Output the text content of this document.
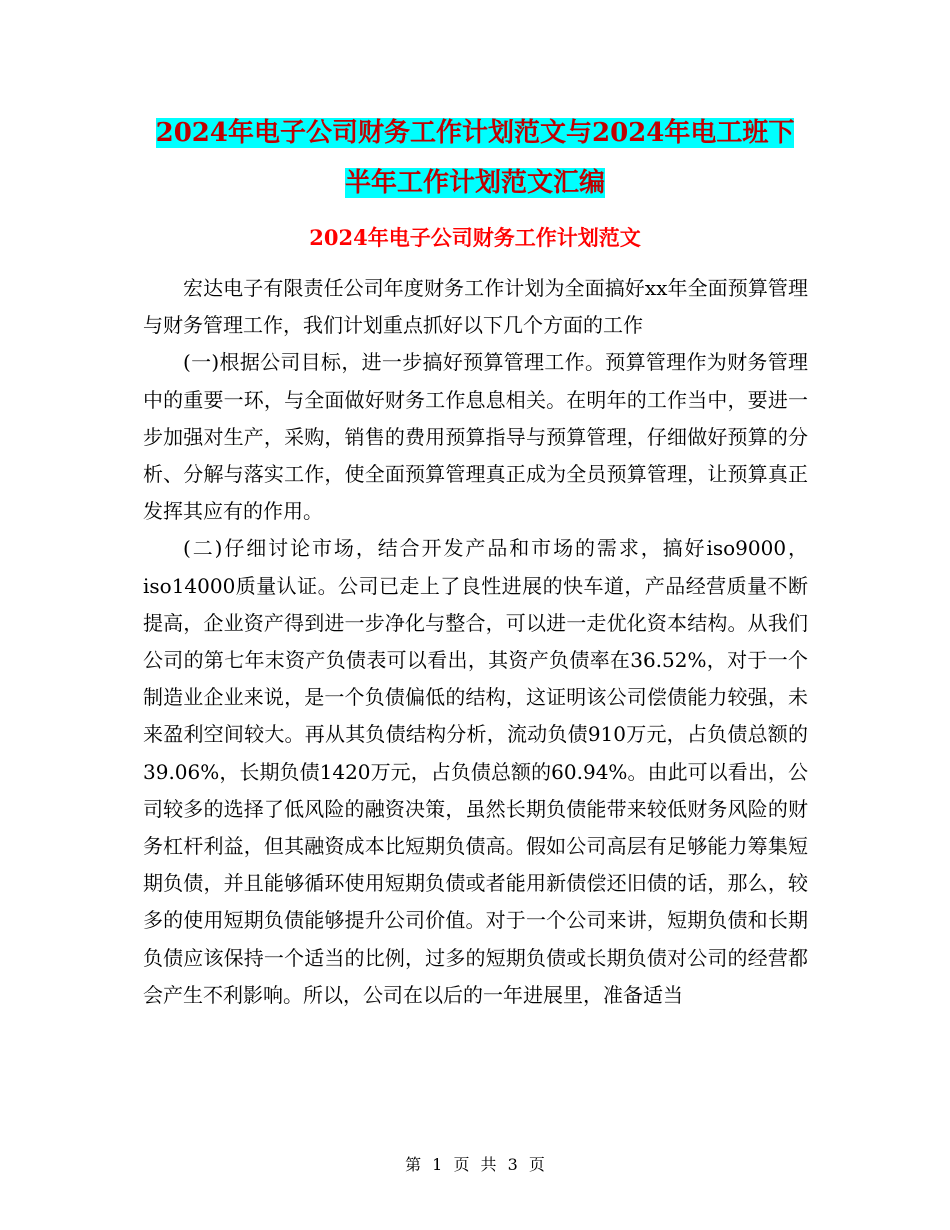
2024年电子公司财务工作计划范文与2024年电工班下
半年工作计划范文汇编
2024年电子公司财务工作计划范文

宏达电子有限责任公司年度财务工作计划为全面搞好xx年全面预算管理与财务管理工作，我们计划重点抓好以下几个方面的工作

(一)根据公司目标，进一步搞好预算管理工作。预算管理作为财务管理中的重要一环，与全面做好财务工作息息相关。在明年的工作当中，要进一步加强对生产，采购，销售的费用预算指导与预算管理，仔细做好预算的分析、分解与落实工作，使全面预算管理真正成为全员预算管理，让预算真正发挥其应有的作用。

(二)仔细讨论市场，结合开发产品和市场的需求，搞好iso9000，iso14000质量认证。公司已走上了良性进展的快车道，产品经营质量不断提高，企业资产得到进一步净化与整合，可以进一走优化资本结构。从我们公司的第七年末资产负债表可以看出，其资产负债率在36.52%，对于一个制造业企业来说，是一个负债偏低的结构，这证明该公司偿债能力较强，未来盈利空间较大。再从其负债结构分析，流动负债910万元，占负债总额的39.06%，长期负债1420万元，占负债总额的60.94%。由此可以看出，公司较多的选择了低风险的融资决策，虽然长期负债能带来较低财务风险的财务杠杆利益，但其融资成本比短期负债高。假如公司高层有足够能力筹集短期负债，并且能够循环使用短期负债或者能用新债偿还旧债的话，那么，较多的使用短期负债能够提升公司价值。对于一个公司来讲，短期负债和长期负债应该保持一个适当的比例，过多的短期负债或长期负债对公司的经营都会产生不利影响。所以，公司在以后的一年进展里，准备适当

第 1 页 共 3 页
